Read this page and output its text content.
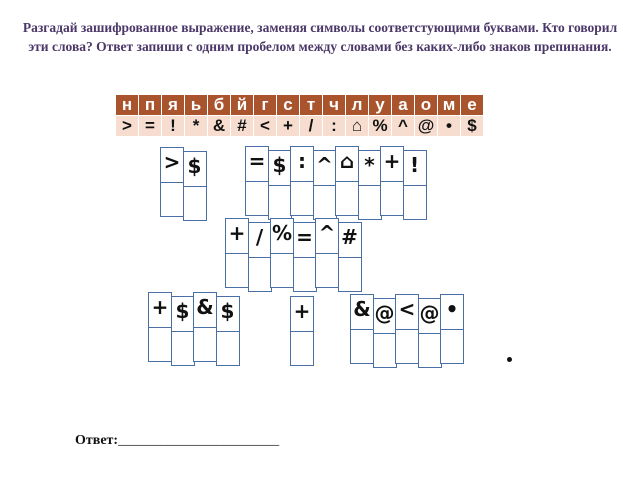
Разгадай зашифрованное выражение, заменяя символы соответстующими буквами. Кто говорил эти слова? Ответ запиши с одним пробелом между словами без каких-либо знаков препинания.
н	п	я	ь	б	й	г	с	т	ч	л	у	а	о	м	е
>	=	!	*	&	#	<	+	/	:	⌂	%	^	@	•	$
> $ = $ : ^ ⌂ * + !
+ / % = ^ #
+ $ & $	+ & @ < @ •
Ответ:_______________________
